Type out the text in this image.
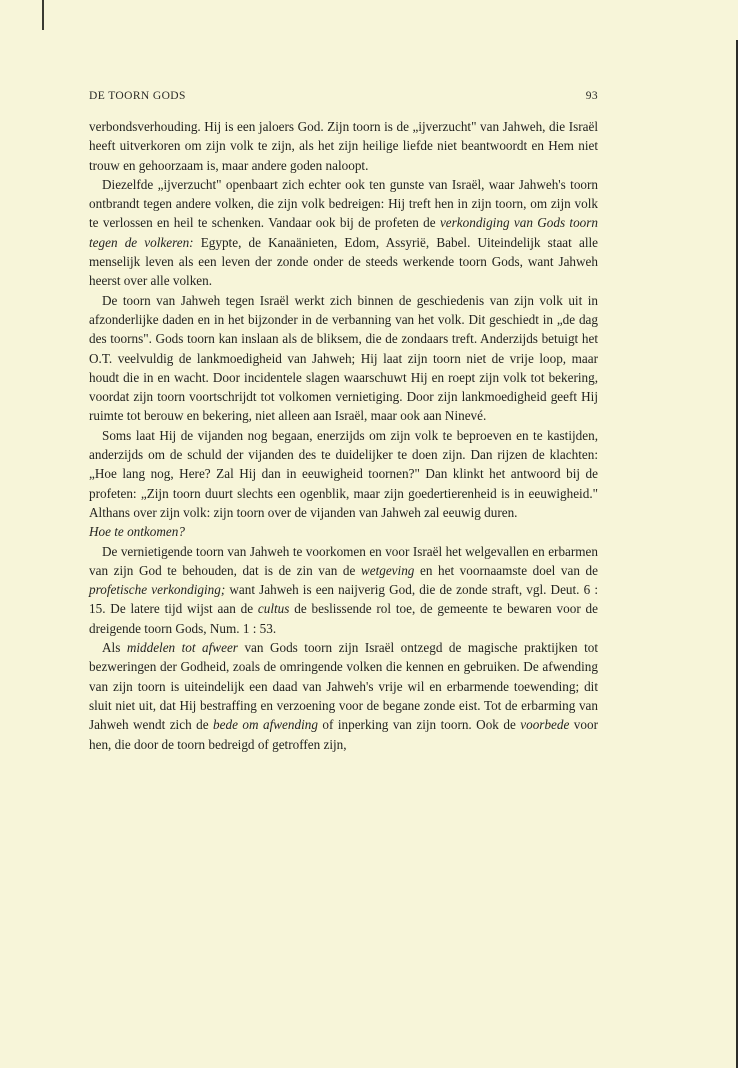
DE TOORN GODS	93

verbondsverhouding. Hij is een jaloers God. Zijn toorn is de „ijverzucht" van Jahweh, die Israël heeft uitverkoren om zijn volk te zijn, als het zijn heilige liefde niet beantwoordt en Hem niet trouw en gehoorzaam is, maar andere goden naloopt.

Diezelfde „ijverzucht" openbaart zich echter ook ten gunste van Israël, waar Jahweh's toorn ontbrandt tegen andere volken, die zijn volk bedreigen: Hij treft hen in zijn toorn, om zijn volk te verlossen en heil te schenken. Vandaar ook bij de profeten de verkondiging van Gods toorn tegen de volkeren: Egypte, de Kanaänieten, Edom, Assyrië, Babel. Uiteindelijk staat alle menselijk leven als een leven der zonde onder de steeds werkende toorn Gods, want Jahweh heerst over alle volken.

De toorn van Jahweh tegen Israël werkt zich binnen de geschiedenis van zijn volk uit in afzonderlijke daden en in het bijzonder in de verbanning van het volk. Dit geschiedt in „de dag des toorns". Gods toorn kan inslaan als de bliksem, die de zondaars treft. Anderzijds betuigt het O.T. veelvuldig de lankmoedigheid van Jahweh; Hij laat zijn toorn niet de vrije loop, maar houdt die in en wacht. Door incidentele slagen waarschuwt Hij en roept zijn volk tot bekering, voordat zijn toorn voortschrijdt tot volkomen vernietiging. Door zijn lankmoedigheid geeft Hij ruimte tot berouw en bekering, niet alleen aan Israël, maar ook aan Ninevé.

Soms laat Hij de vijanden nog begaan, enerzijds om zijn volk te beproeven en te kastijden, anderzijds om de schuld der vijanden des te duidelijker te doen zijn. Dan rijzen de klachten: „Hoe lang nog, Here? Zal Hij dan in eeuwigheid toornen?" Dan klinkt het antwoord bij de profeten: „Zijn toorn duurt slechts een ogenblik, maar zijn goedertierenheid is in eeuwigheid." Althans over zijn volk: zijn toorn over de vijanden van Jahweh zal eeuwig duren.

Hoe te ontkomen?

De vernietigende toorn van Jahweh te voorkomen en voor Israël het welgevallen en erbarmen van zijn God te behouden, dat is de zin van de wetgeving en het voornaamste doel van de profetische verkondiging; want Jahweh is een naijverig God, die de zonde straft, vgl. Deut. 6 : 15. De latere tijd wijst aan de cultus de beslissende rol toe, de gemeente te bewaren voor de dreigende toorn Gods, Num. 1 : 53.

Als middelen tot afweer van Gods toorn zijn Israël ontzegd de magische praktijken tot bezweringen der Godheid, zoals de omringende volken die kennen en gebruiken. De afwending van zijn toorn is uiteindelijk een daad van Jahweh's vrije wil en erbarmende toewending; dit sluit niet uit, dat Hij bestraffing en verzoening voor de begane zonde eist. Tot de erbarming van Jahweh wendt zich de bede om afwending of inperking van zijn toorn. Ook de voorbede voor hen, die door de toorn bedreigd of getroffen zijn,
